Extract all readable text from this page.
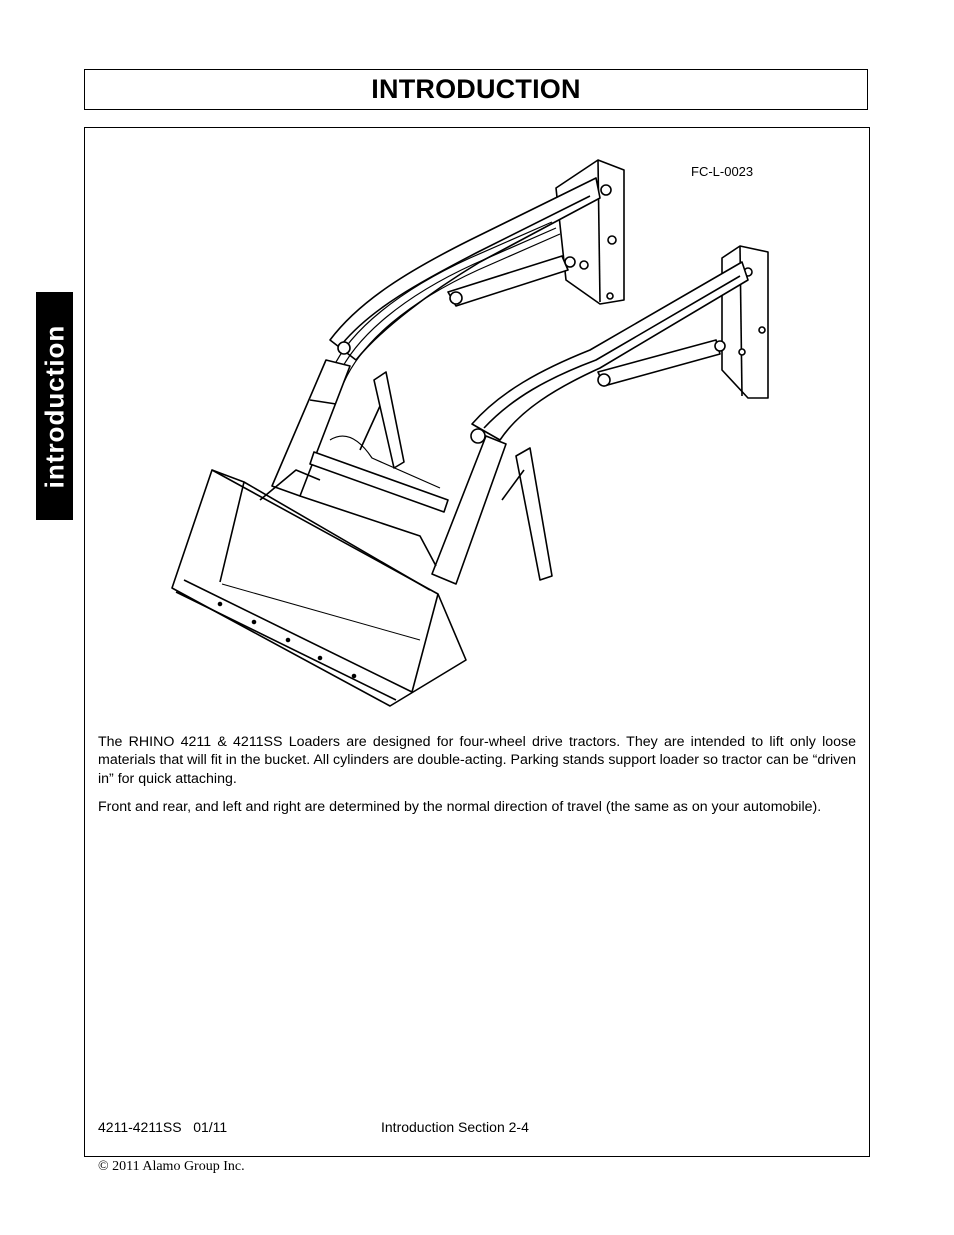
INTRODUCTION
introduction
FC-L-0023

The RHINO 4211 & 4211SS Loaders are designed for four-wheel drive tractors. They are intended to lift only loose materials that will fit in the bucket. All cylinders are double-acting. Parking stands support loader so tractor can be “driven in” for quick attaching.

Front and rear, and left and right are determined by the normal direction of travel (the same as on your automobile).

4211-4211SS   01/11	Introduction Section 2-4
© 2011 Alamo Group Inc.
